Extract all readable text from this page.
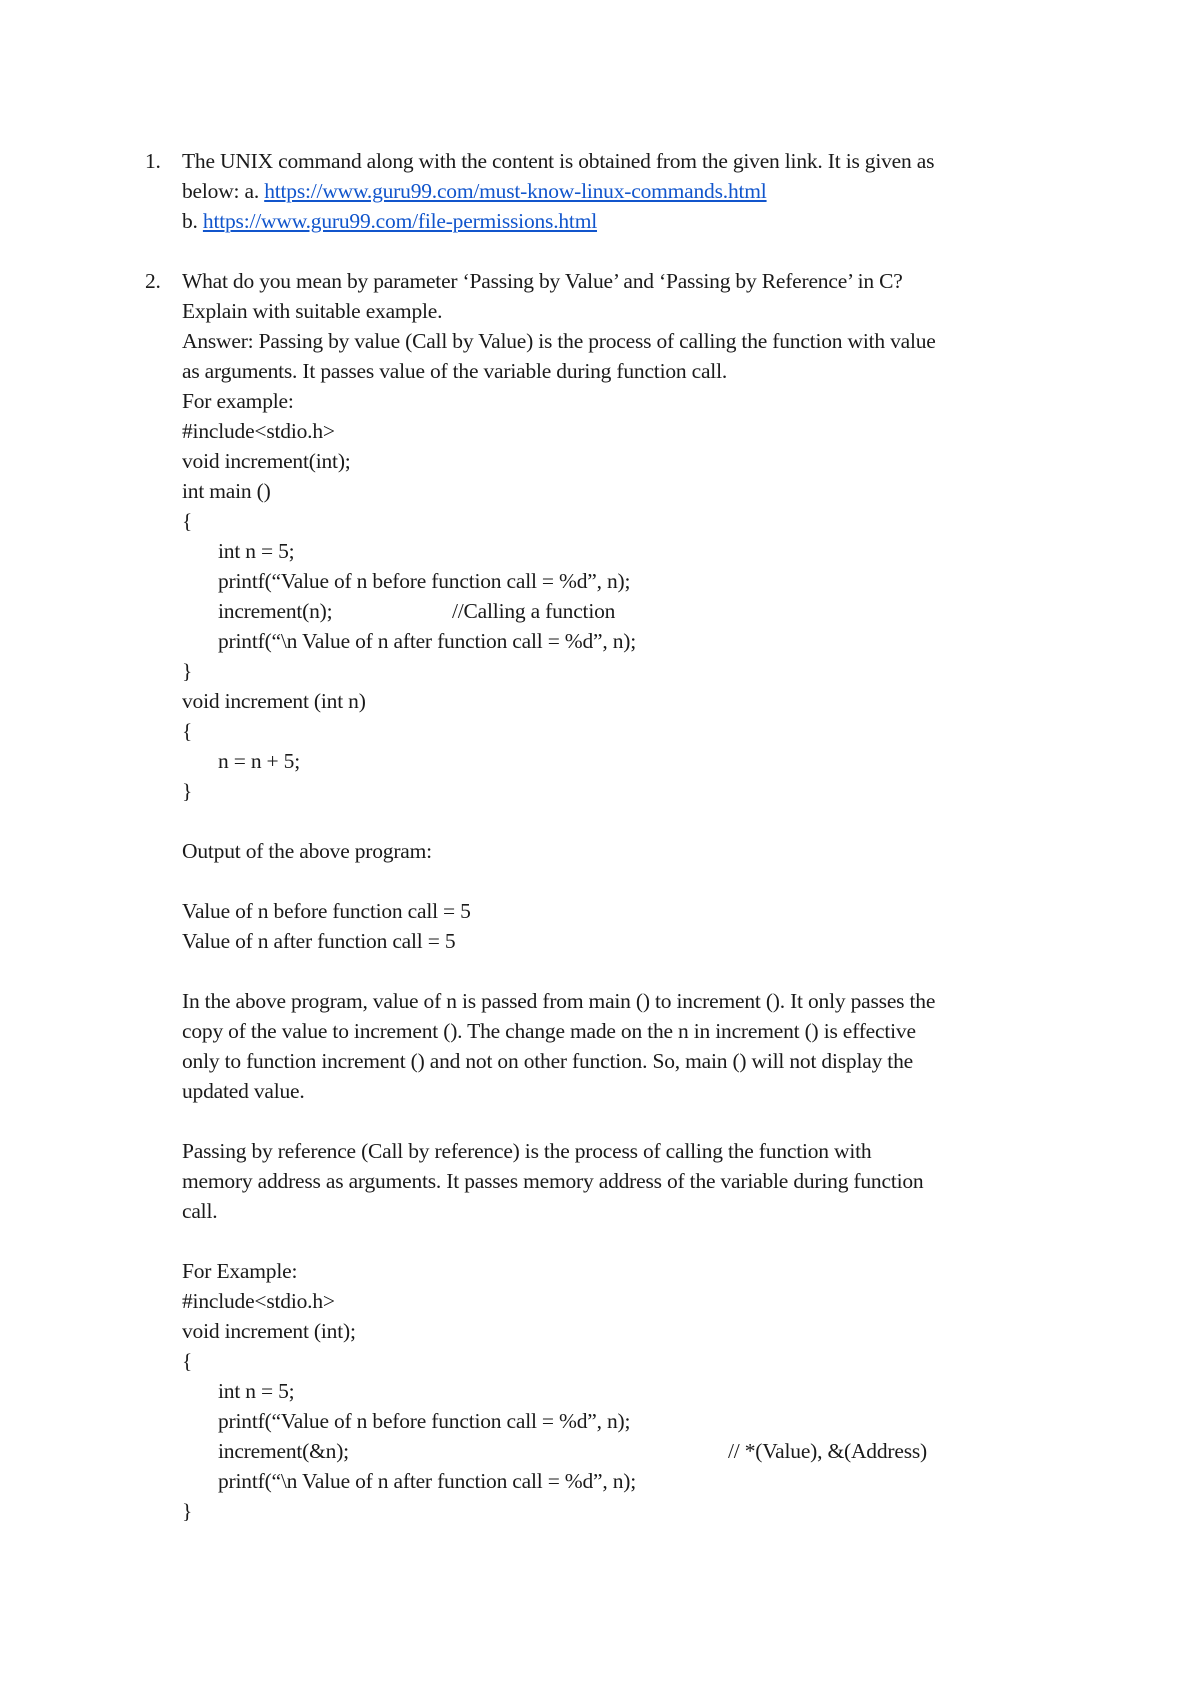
1. The UNIX command along with the content is obtained from the given link. It is given as
below: a. https://www.guru99.com/must-know-linux-commands.html
b. https://www.guru99.com/file-permissions.html
2. What do you mean by parameter ‘Passing by Value’ and ‘Passing by Reference’ in C?
Explain with suitable example.
Answer: Passing by value (Call by Value) is the process of calling the function with value
as arguments. It passes value of the variable during function call.
For example:
#include<stdio.h>
void increment(int);
int main ()
{
int n = 5;
printf(“Value of n before function call = %d”, n);
increment(n);	//Calling a function
printf(“\n Value of n after function call = %d”, n);
}
void increment (int n)
{
n = n + 5;
}
Output of the above program:
Value of n before function call = 5
Value of n after function call = 5
In the above program, value of n is passed from main () to increment (). It only passes the
copy of the value to increment (). The change made on the n in increment () is effective
only to function increment () and not on other function. So, main () will not display the
updated value.
Passing by reference (Call by reference) is the process of calling the function with
memory address as arguments. It passes memory address of the variable during function
call.
For Example:
#include<stdio.h>
void increment (int);
{
int n = 5;
printf(“Value of n before function call = %d”, n);
increment(&n);	// *(Value), &(Address)
printf(“\n Value of n after function call = %d”, n);
}
